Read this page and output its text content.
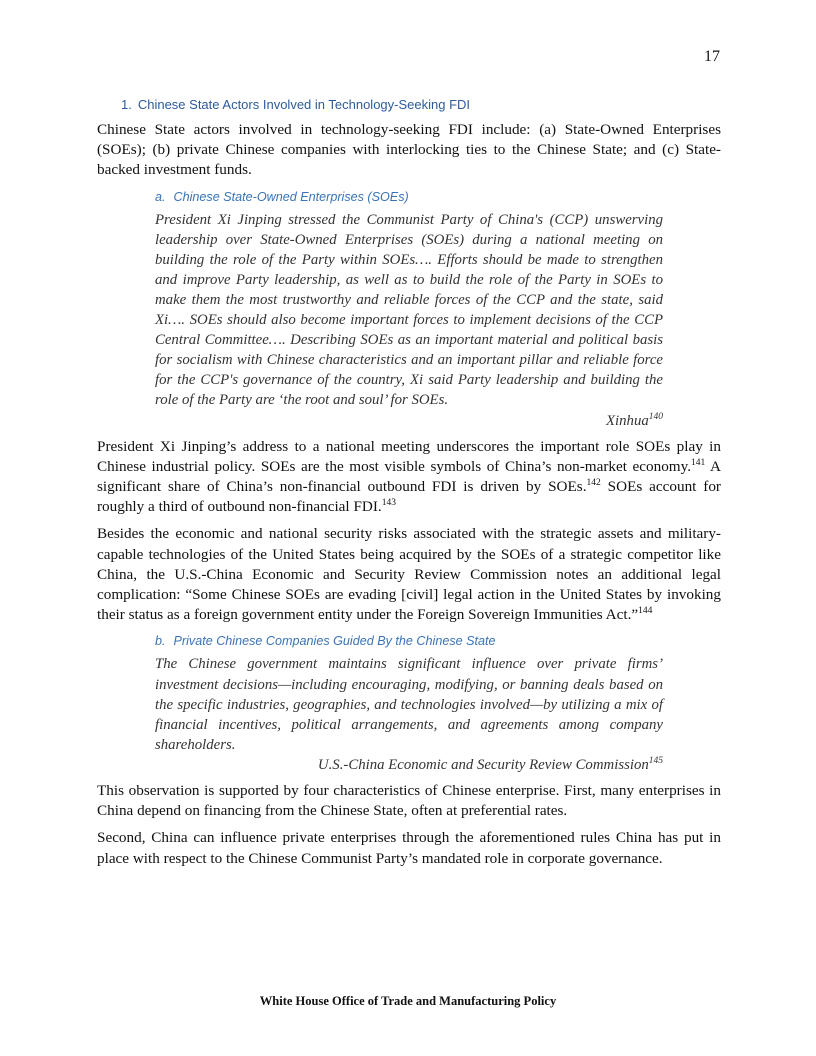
17
1. Chinese State Actors Involved in Technology-Seeking FDI

Chinese State actors involved in technology-seeking FDI include: (a) State-Owned Enterprises (SOEs); (b) private Chinese companies with interlocking ties to the Chinese State; and (c) State-backed investment funds.

a. Chinese State-Owned Enterprises (SOEs)
President Xi Jinping stressed the Communist Party of China's (CCP) unswerving leadership over State-Owned Enterprises (SOEs) during a national meeting on building the role of the Party within SOEs…. Efforts should be made to strengthen and improve Party leadership, as well as to build the role of the Party in SOEs to make them the most trustworthy and reliable forces of the CCP and the state, said Xi…. SOEs should also become important forces to implement decisions of the CCP Central Committee…. Describing SOEs as an important material and political basis for socialism with Chinese characteristics and an important pillar and reliable force for the CCP's governance of the country, Xi said Party leadership and building the role of the Party are ‘the root and soul’ for SOEs.
Xinhua$^{140}$

President Xi Jinping’s address to a national meeting underscores the important role SOEs play in Chinese industrial policy. SOEs are the most visible symbols of China’s non-market economy.$^{141}$ A significant share of China’s non-financial outbound FDI is driven by SOEs.$^{142}$ SOEs account for roughly a third of outbound non-financial FDI.$^{143}$

Besides the economic and national security risks associated with the strategic assets and military-capable technologies of the United States being acquired by the SOEs of a strategic competitor like China, the U.S.-China Economic and Security Review Commission notes an additional legal complication: “Some Chinese SOEs are evading [civil] legal action in the United States by invoking their status as a foreign government entity under the Foreign Sovereign Immunities Act.”$^{144}$

b. Private Chinese Companies Guided By the Chinese State
The Chinese government maintains significant influence over private firms’ investment decisions—including encouraging, modifying, or banning deals based on the specific industries, geographies, and technologies involved—by utilizing a mix of financial incentives, political arrangements, and agreements among company shareholders.
U.S.-China Economic and Security Review Commission$^{145}$

This observation is supported by four characteristics of Chinese enterprise. First, many enterprises in China depend on financing from the Chinese State, often at preferential rates.

Second, China can influence private enterprises through the aforementioned rules China has put in place with respect to the Chinese Communist Party’s mandated role in corporate governance.

White House Office of Trade and Manufacturing Policy
